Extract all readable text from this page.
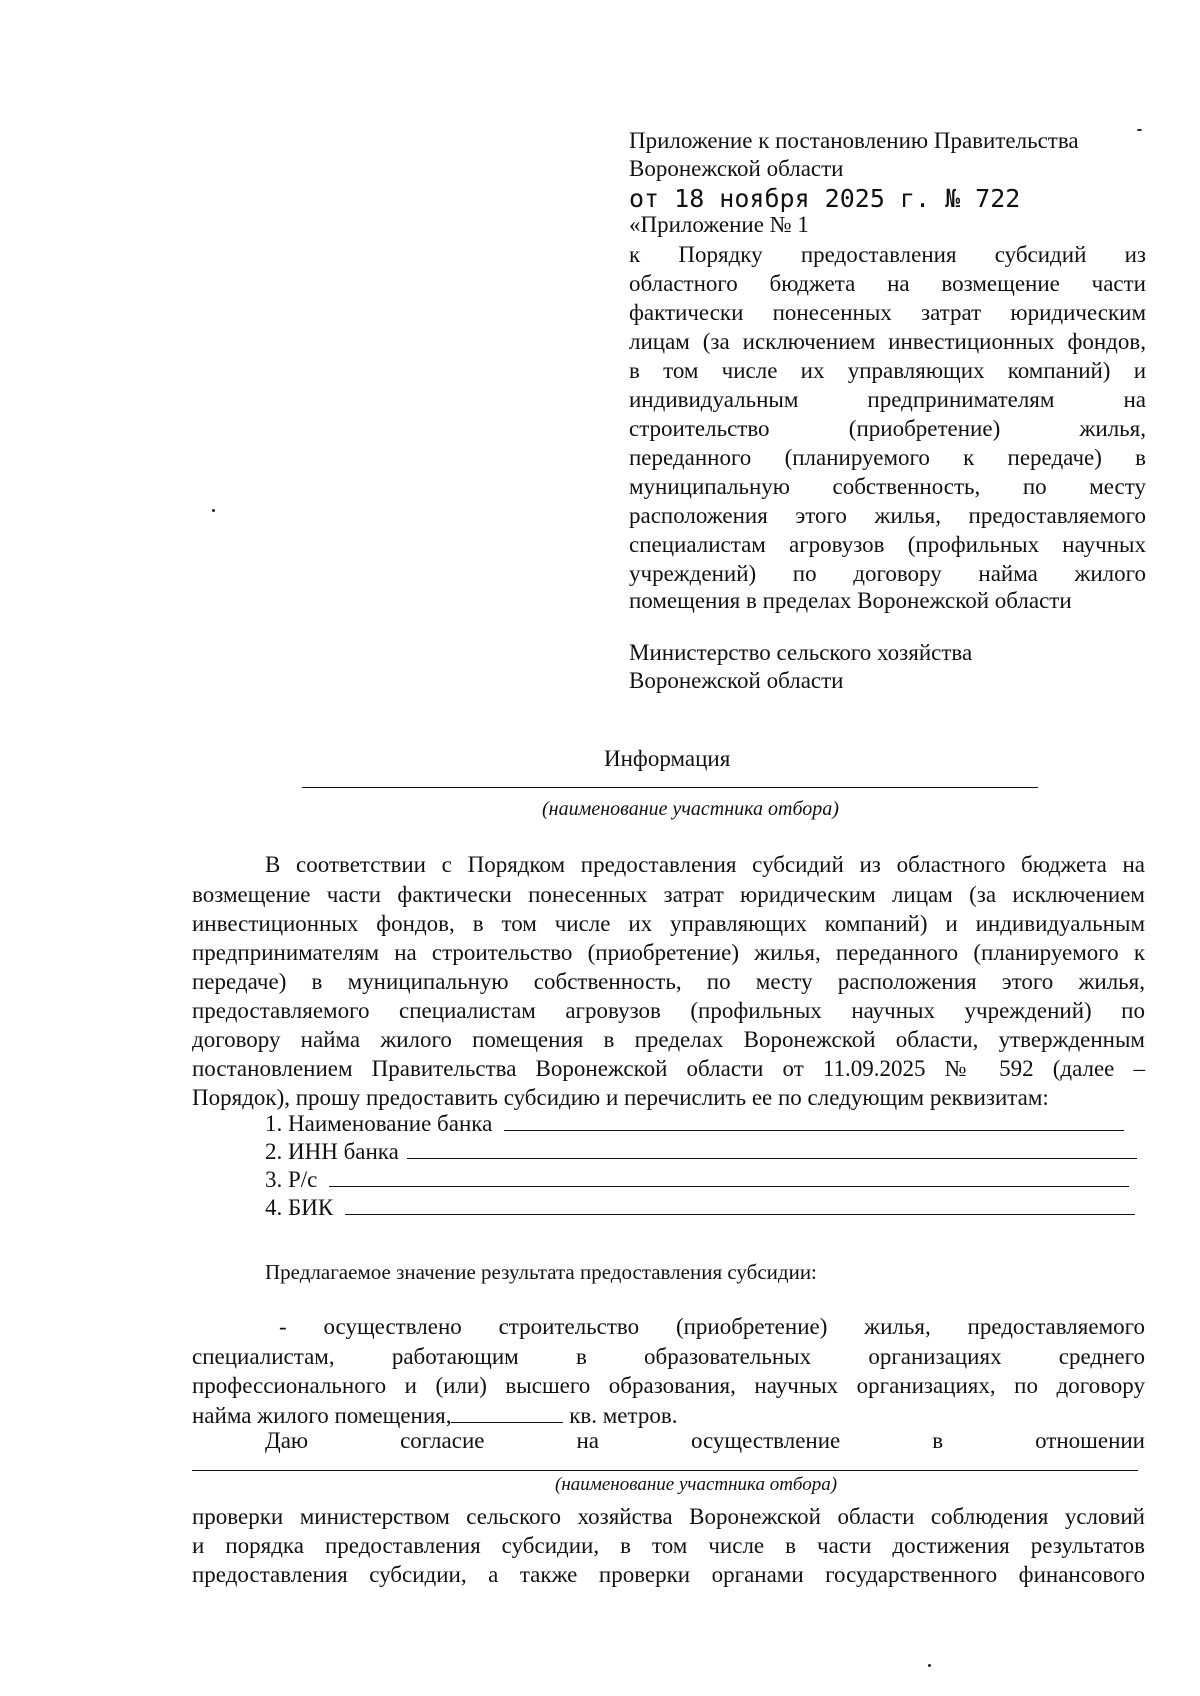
Приложение к постановлению Правительства
Воронежской области
от 18 ноября 2025 г. № 722
«Приложение № 1
к Порядку предоставления субсидий из
областного бюджета на возмещение части
фактически понесенных затрат юридическим
лицам (за исключением инвестиционных фондов,
в том числе их управляющих компаний) и
индивидуальным предпринимателям на
строительство (приобретение) жилья,
переданного (планируемого к передаче) в
муниципальную собственность, по месту
расположения этого жилья, предоставляемого
специалистам агровузов (профильных научных
учреждений) по договору найма жилого
помещения в пределах Воронежской области
Министерство сельского хозяйства
Воронежской области
Информация
(наименование участника отбора)
В соответствии с Порядком предоставления субсидий из областного бюджета на
возмещение части фактически понесенных затрат юридическим лицам (за исключением
инвестиционных фондов, в том числе их управляющих компаний) и индивидуальным
предпринимателям на строительство (приобретение) жилья, переданного (планируемого к
передаче) в муниципальную собственность, по месту расположения этого жилья,
предоставляемого специалистам агровузов (профильных научных учреждений) по
договору найма жилого помещения в пределах Воронежской области, утвержденным
постановлением Правительства Воронежской области от 11.09.2025 № 592 (далее –
Порядок), прошу предоставить субсидию и перечислить ее по следующим реквизитам:
1. Наименование банка
2. ИНН банка
3. Р/с
4. БИК
Предлагаемое значение результата предоставления субсидии:
- осуществлено строительство (приобретение) жилья, предоставляемого
специалистам, работающим в образовательных организациях среднего
профессионального и (или) высшего образования, научных организациях, по договору
найма жилого помещения,	кв. метров.
Даю согласие на осуществление в отношении
(наименование участника отбора)
проверки министерством сельского хозяйства Воронежской области соблюдения условий
и порядка предоставления субсидии, в том числе в части достижения результатов
предоставления субсидии, а также проверки органами государственного финансового
